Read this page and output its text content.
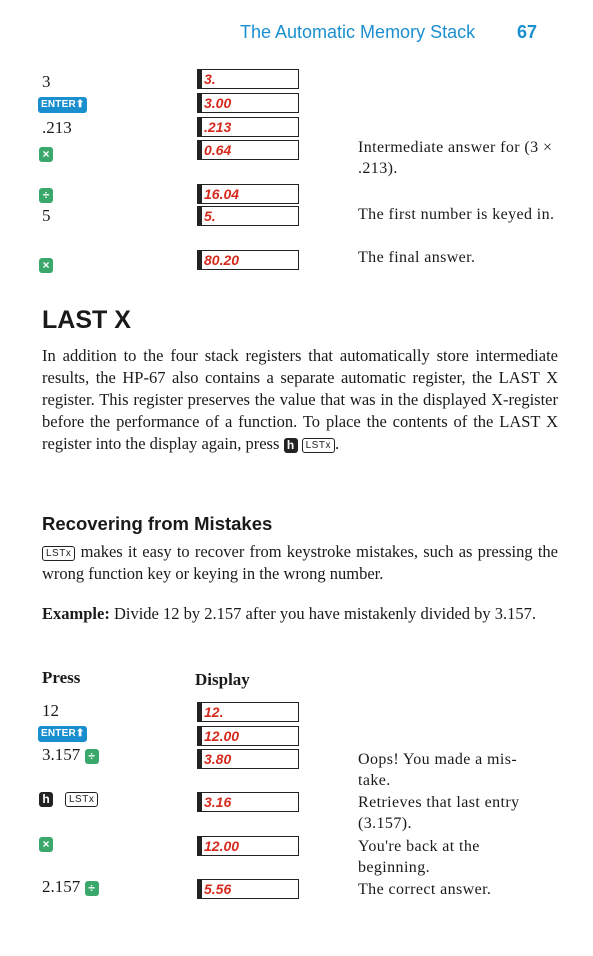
The Automatic Memory Stack 67
3
ENTER⬆
.213
×
÷
5
×
3.
3.00
.213
0.64
16.04
5.
80.20
Intermediate answer for (3 × .213).
The first number is keyed in.
The final answer.
LAST X
In addition to the four stack registers that automatically store intermediate results, the HP-67 also contains a separate automatic register, the LAST X register. This register preserves the value that was in the displayed X-register before the performance of a function. To place the contents of the LAST X register into the display again, press h LSTx .
Recovering from Mistakes
LSTx makes it easy to recover from keystroke mistakes, such as pressing the wrong function key or keying in the wrong number.
Example: Divide 12 by 2.157 after you have mistakenly divided by 3.157.
Press	Display
12
ENTER⬆
3.157 ÷
h LSTx
×
2.157 ÷
12.
12.00
3.80
3.16
12.00
5.56
Oops! You made a mis-take.
Retrieves that last entry (3.157).
You're back at the beginning.
The correct answer.
